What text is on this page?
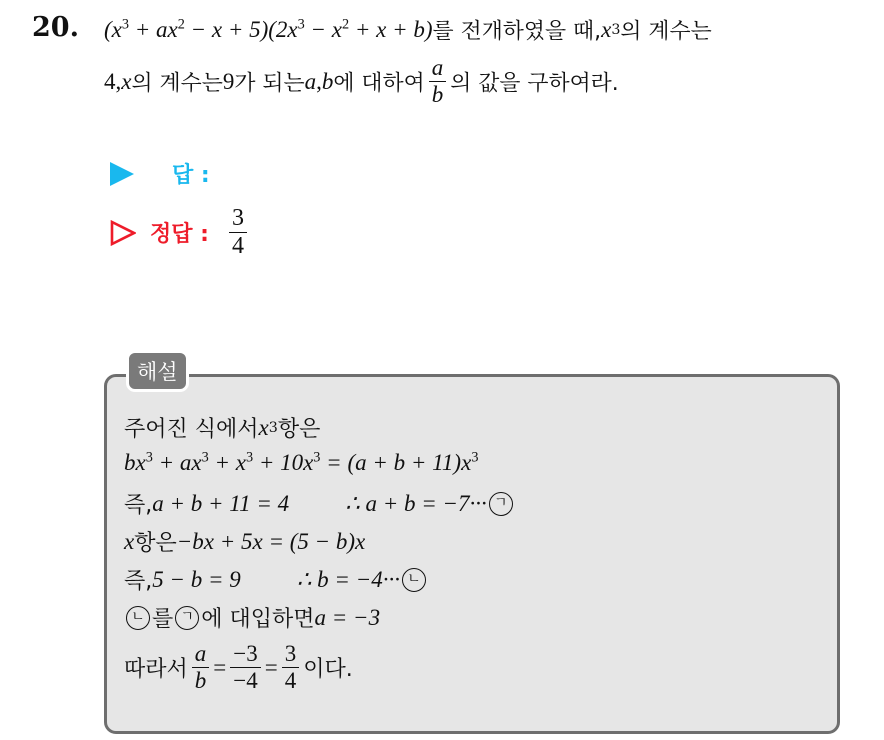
20. $(x^3 + ax^2 - x + 5)(2x^3 - x^2 + x + b)$ 를 전개하였을 때, x 3 의 계수는
4 , x 의 계수는 9 가 되는 a , b 에 대하여 $\frac{a}{b}$ 의 값을 구하여라.
답 :
정답 : $\frac{3}{4}$
해설
주어진 식에서 x 3 항은
$bx^3 + ax^3 + x^3 + 10x^3 = (a + b + 11)x^3$
즉, a + b + 11 = 4 ∴ a + b = −7··· ㄱ
x 항은 −bx + 5x = (5 − b)x
즉, 5 − b = 9 ∴ b = −4··· ㄴ
ㄴ 를 ㄱ 에 대입하면 a = −3
따라서 $\frac{a}{b} = \frac{-3}{-4} = \frac{3}{4}$ 이다.
